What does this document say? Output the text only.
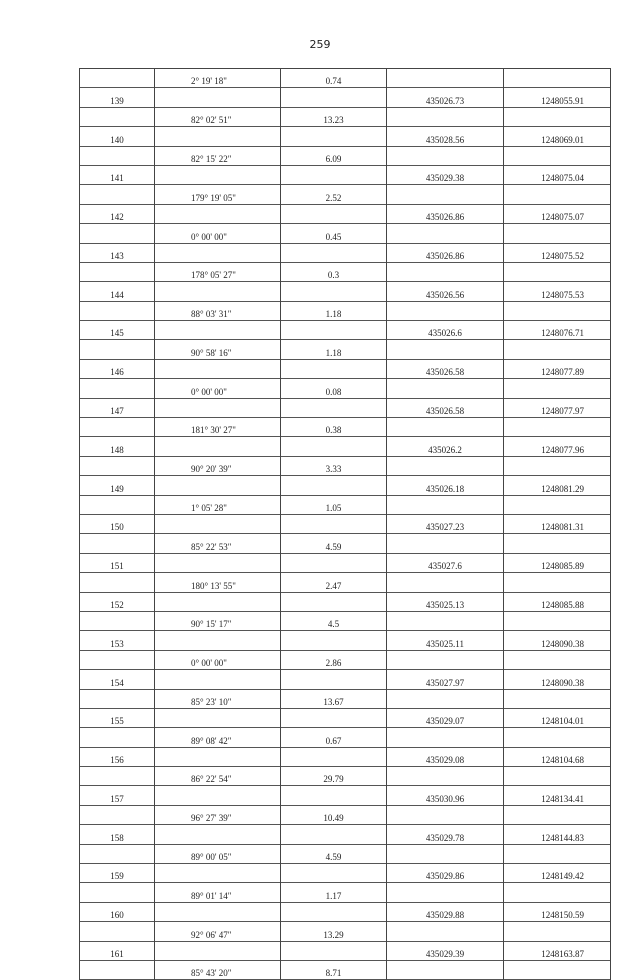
259
	2° 19' 18"	0.74		
139			435026.73	1248055.91
	82° 02' 51"	13.23		
140			435028.56	1248069.01
	82° 15' 22"	6.09		
141			435029.38	1248075.04
	179° 19' 05"	2.52		
142			435026.86	1248075.07
	0° 00' 00"	0.45		
143			435026.86	1248075.52
	178° 05' 27"	0.3		
144			435026.56	1248075.53
	88° 03' 31"	1.18		
145			435026.6	1248076.71
	90° 58' 16"	1.18		
146			435026.58	1248077.89
	0° 00' 00"	0.08		
147			435026.58	1248077.97
	181° 30' 27"	0.38		
148			435026.2	1248077.96
	90° 20' 39"	3.33		
149			435026.18	1248081.29
	1° 05' 28"	1.05		
150			435027.23	1248081.31
	85° 22' 53"	4.59		
151			435027.6	1248085.89
	180° 13' 55"	2.47		
152			435025.13	1248085.88
	90° 15' 17"	4.5		
153			435025.11	1248090.38
	0° 00' 00"	2.86		
154			435027.97	1248090.38
	85° 23' 10"	13.67		
155			435029.07	1248104.01
	89° 08' 42"	0.67		
156			435029.08	1248104.68
	86° 22' 54"	29.79		
157			435030.96	1248134.41
	96° 27' 39"	10.49		
158			435029.78	1248144.83
	89° 00' 05"	4.59		
159			435029.86	1248149.42
	89° 01' 14"	1.17		
160			435029.88	1248150.59
	92° 06' 47"	13.29		
161			435029.39	1248163.87
	85° 43' 20"	8.71		
